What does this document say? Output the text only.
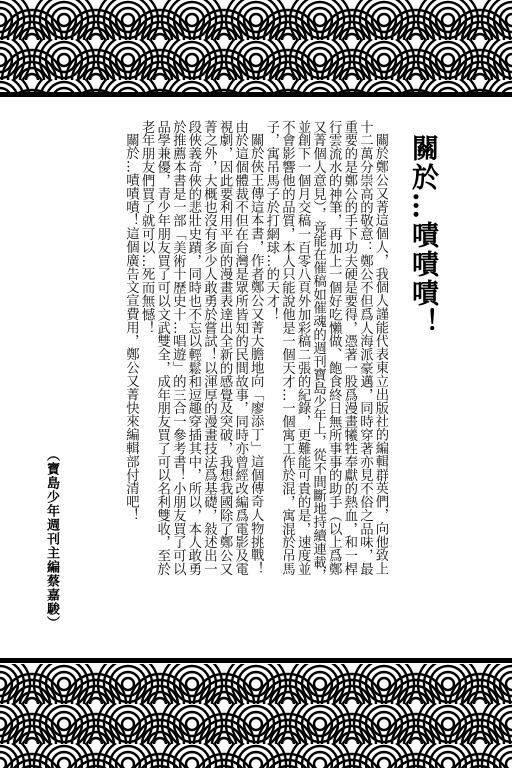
關於…嘖嘖嘖！

關於鄭公又菁這個人，我個人謹能代表東立出版社的編輯群英們，向他致上十二萬分崇高的敬意：鄭公不但爲人海派豪邁，同時穿著亦見不俗之品味，最重要的是鄭公的手下功夫硬是要得，憑著一股爲漫畫犧牲奉獻的熱血，和一桿行雲流水的神筆，再加上一個好吃懶做、飽食終日無所事事的助手（以上爲鄭又菁個人意見），竟能在催稿如催魂的週刊寶島少年上，從不間斷地持續連載，並創下一個月交稿一百零八頁外加彩稿二張的紀錄，更難能可貴的是，速度並不會影響他的品質，本人只能說他是一個天才…一個寓工作於混，寓混於吊馬子，寓吊馬子於打網球…的天才！

關於俠王傳這本書，作者鄭公又菁大膽地向「廖添丁」這個傳奇人物挑戰！由於這個體裁不但在台灣是眾所皆知的民間故事，同時亦曾經改編爲電影及電視劇，因此要利用平面的漫畫表達出全新的感覺及突破，我想我國除了鄭公又菁之外，大概也沒有多少人敢勇於嘗試！以渾厚的漫畫技法爲基礎，敍述出一段俠義奇俠的悲壯史蹟，同時也不忘以輕鬆和逗趣穿插其中，所以，本人敢勇於推薦本書是一部「美術十歷史十…唱遊」的三合一參考書！小朋友買了可以品學兼優，青少年朋友買了可以文武雙全，成年朋友買了可以名利雙收，至於老年朋友們買了就可以…死而無憾！

關於…嘖嘖嘖！這個廣告文宣費用，鄭公又菁快來編輯部付清吧！

（寶島少年週刊主編蔡嘉駿）
